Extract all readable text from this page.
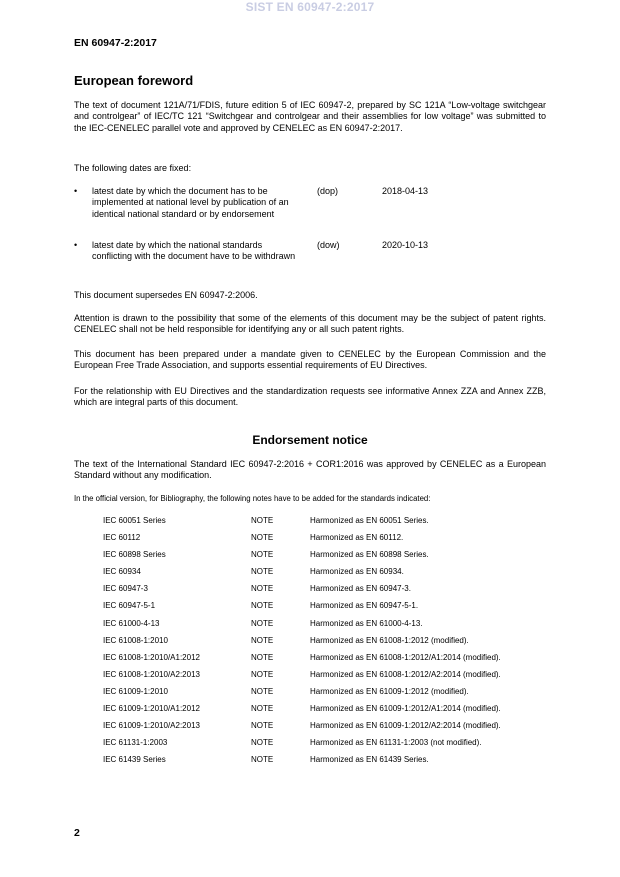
SIST EN 60947-2:2017
EN 60947-2:2017
European foreword

The text of document 121A/71/FDIS, future edition 5 of IEC 60947-2, prepared by SC 121A “Low-voltage switchgear and controlgear” of IEC/TC 121 “Switchgear and controlgear and their assemblies for low voltage” was submitted to the IEC-CENELEC parallel vote and approved by CENELEC as EN 60947-2:2017.

The following dates are fixed:

• latest date by which the document has to be implemented at national level by publication of an identical national standard or by endorsement
(dop)	2018-04-13
• latest date by which the national standards conflicting with the document have to be withdrawn
(dow)	2020-10-13

This document supersedes EN 60947-2:2006.

Attention is drawn to the possibility that some of the elements of this document may be the subject of patent rights. CENELEC shall not be held responsible for identifying any or all such patent rights.

This document has been prepared under a mandate given to CENELEC by the European Commission and the European Free Trade Association, and supports essential requirements of EU Directives.

For the relationship with EU Directives and the standardization requests see informative Annex ZZA and Annex ZZB, which are integral parts of this document.

Endorsement notice

The text of the International Standard IEC 60947-2:2016 + COR1:2016 was approved by CENELEC as a European Standard without any modification.

In the official version, for Bibliography, the following notes have to be added for the standards indicated:
IEC 60051 Series	NOTE	Harmonized as EN 60051 Series.
IEC 60112	NOTE	Harmonized as EN 60112.
IEC 60898 Series	NOTE	Harmonized as EN 60898 Series.
IEC 60934	NOTE	Harmonized as EN 60934.
IEC 60947-3	NOTE	Harmonized as EN 60947-3.
IEC 60947-5-1	NOTE	Harmonized as EN 60947-5-1.
IEC 61000-4-13	NOTE	Harmonized as EN 61000-4-13.
IEC 61008-1:2010	NOTE	Harmonized as EN 61008-1:2012 (modified).
IEC 61008-1:2010/A1:2012	NOTE	Harmonized as EN 61008-1:2012/A1:2014 (modified).
IEC 61008-1:2010/A2:2013	NOTE	Harmonized as EN 61008-1:2012/A2:2014 (modified).
IEC 61009-1:2010	NOTE	Harmonized as EN 61009-1:2012 (modified).
IEC 61009-1:2010/A1:2012	NOTE	Harmonized as EN 61009-1:2012/A1:2014 (modified).
IEC 61009-1:2010/A2:2013	NOTE	Harmonized as EN 61009-1:2012/A2:2014 (modified).
IEC 61131-1:2003	NOTE	Harmonized as EN 61131-1:2003 (not modified).
IEC 61439 Series	NOTE	Harmonized as EN 61439 Series.
2
